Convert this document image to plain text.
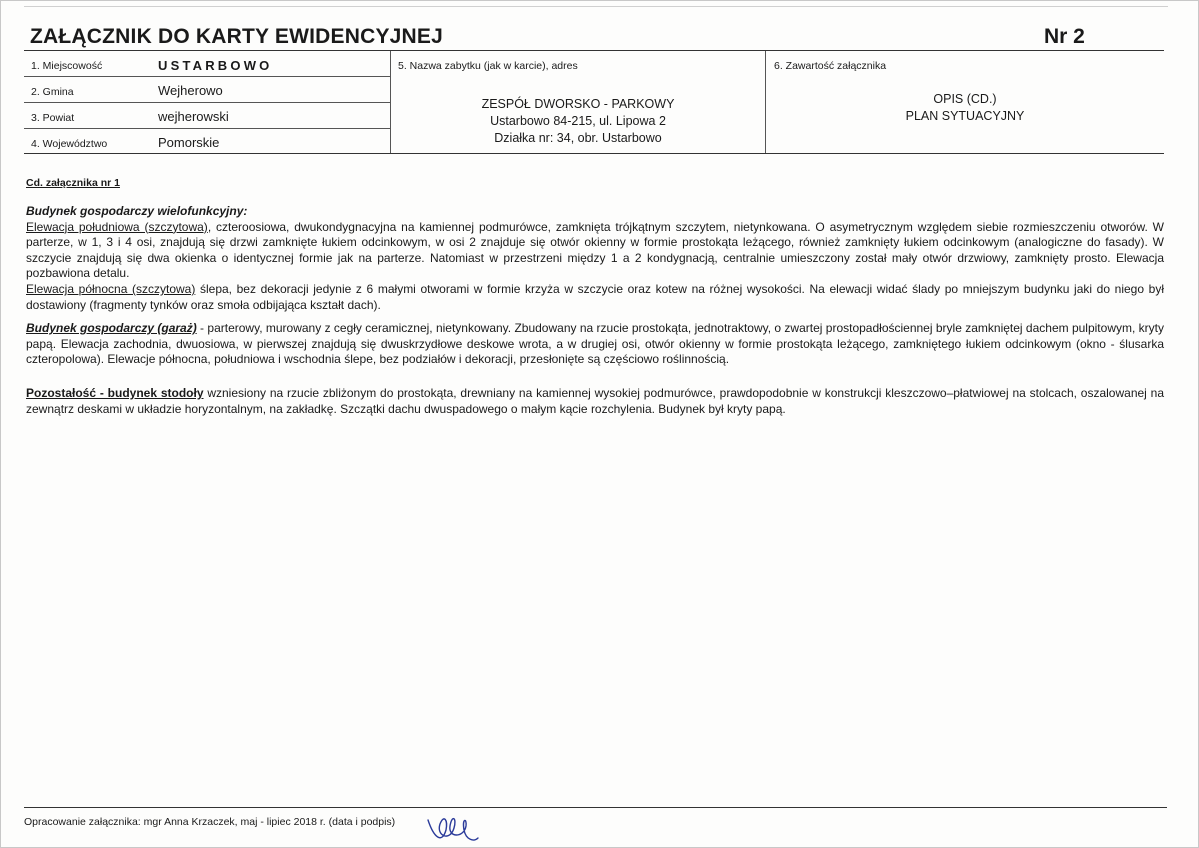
ZAŁĄCZNIK DO KARTY EWIDENCYJNEJ	Nr 2
1. Miejscowość	USTARBOWO
2. Gmina	Wejherowo
3. Powiat	wejherowski
4. Województwo	Pomorskie
5. Nazwa zabytku (jak w karcie), adres
ZESPÓŁ DWORSKO - PARKOWY
Ustarbowo 84-215, ul. Lipowa 2
Działka nr: 34, obr. Ustarbowo
6. Zawartość załącznika
OPIS (CD.)
PLAN SYTUACYJNY
Cd. załącznika nr 1
Budynek gospodarczy wielofunkcyjny:
Elewacja południowa (szczytowa), czteroosiowa, dwukondygnacyjna na kamiennej podmurówce, zamknięta trójkątnym szczytem, nietynkowana. O asymetrycznym względem siebie rozmieszczeniu otworów. W parterze, w 1, 3 i 4 osi, znajdują się drzwi zamknięte łukiem odcinkowym, w osi 2 znajduje się otwór okienny w formie prostokąta leżącego, również zamknięty łukiem odcinkowym (analogiczne do fasady). W szczycie znajdują się dwa okienka o identycznej formie jak na parterze. Natomiast w przestrzeni między 1 a 2 kondygnacją, centralnie umieszczony został mały otwór drzwiowy, zamknięty prosto. Elewacja pozbawiona detalu.
Elewacja północna (szczytowa) ślepa, bez dekoracji jedynie z 6 małymi otworami w formie krzyża w szczycie oraz kotew na różnej wysokości. Na elewacji widać ślady po mniejszym budynku jaki do niego był dostawiony (fragmenty tynków oraz smoła odbijająca kształt dach).
Budynek gospodarczy (garaż) - parterowy, murowany z cegły ceramicznej, nietynkowany. Zbudowany na rzucie prostokąta, jednotraktowy, o zwartej prostopadłościennej bryle zamkniętej dachem pulpitowym, kryty papą. Elewacja zachodnia, dwuosiowa, w pierwszej znajdują się dwuskrzydłowe deskowe wrota, a w drugiej osi, otwór okienny w formie prostokąta leżącego, zamkniętego łukiem odcinkowym (okno - ślusarka czteropolowa). Elewacje północna, południowa i wschodnia ślepe, bez podziałów i dekoracji, przesłonięte są częściowo roślinnością.
Pozostałość - budynek stodoły wzniesiony na rzucie zbliżonym do prostokąta, drewniany na kamiennej wysokiej podmurówce, prawdopodobnie w konstrukcji kleszczowo–płatwiowej na stolcach, oszalowanej na zewnątrz deskami w układzie horyzontalnym, na zakładkę. Szczątki dachu dwuspadowego o małym kącie rozchylenia. Budynek był kryty papą.
Opracowanie załącznika: mgr Anna Krzaczek, maj - lipiec 2018 r. (data i podpis)
